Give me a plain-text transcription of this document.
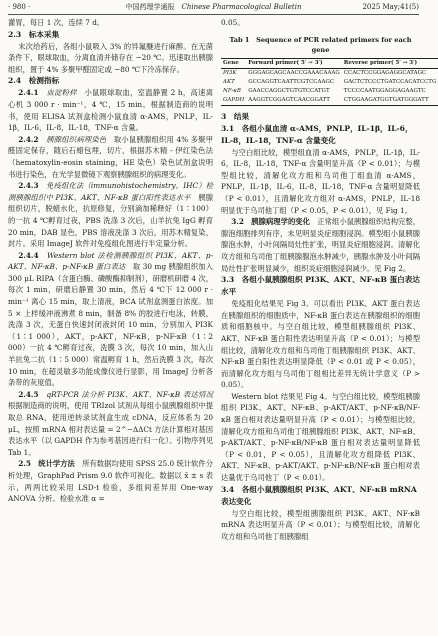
· 980 ·	中国药理学通报　 Chinese Pharmacological Bulletin	2025 May;41(5)

灌胃，每日 1 次，连续 7 d。

2.3　标本采集

末次给药后，各组小鼠吸入 3% 的异氟醚进行麻醉。在无菌条件下，眼球取血，分离血清并储存在 −20 ℃。迅速取出胰腺组织，置于 4% 多聚甲醛固定或 −80 ℃下冷冻保存。

2.4　检测指标

2.4.1　 血淀粉样　 小鼠眼球取血，室温静置 2 h，高速离心机 3 000 r · min⁻¹，4 ℃，15 min。根据制造商的说明书，使用 ELISA 试剂盒检测小鼠血清 α-AMS，PNLP，IL-1β，IL-6，IL-8，IL-18，TNF-α 含量。

2.4.2　 胰腺组织病理染色　 取小鼠胰腺组织用 4% 多聚甲醛固定保存，随后石蜡包埋，切片，根据苏木精 - 伊红染色法（hematoxylin-eosin staining，HE 染色）染色试剂盒说明书进行染色，在光学显微镜下观察胰腺组织的病理变化。

2.4.3　 免疫组化法（immunohistochemistry，IHC）检测胰腺组织中 PI3K、AKT、NF-κB 蛋白阳性表达水平　 胰腺组织切片，脱蜡水化，抗原修复，分别滴加稀释好（1∶100）的一抗 4 ℃孵育过夜，PBS 洗涤 3 次后，山羊抗兔 IgG 孵育 20 min，DAB 显色，PBS 溶液洗涤 3 次后，用苏木精复染，封片。采用 ImageJ 软件对免疫组化图进行半定量分析。

2.4.4　 Western blot 法检测胰腺组织 PI3K、AKT、p-AKT、NF-κB、p-NF-κB 蛋白表达　 取 30 mg 胰腺组织加入 300 μL RIPA（含蛋白酶、磷酸酶抑制剂），研磨机研磨 4 次，每次 1 min，研磨后静置 30 min，然后 4 ℃下 12 000 r · min⁻¹ 离心 15 min，取上清液，BCA 试剂盒测蛋白浓度。加 5 × 上样缓冲液沸煮 8 min，制备 8% 的胶进行电泳，转膜，洗涤 3 次，无蛋白快速封闭液封闭 10 min，分别加入 PI3K（1∶1 000），AKT，p-AKT，NF-κB，p-NF-κB（1∶2 000）一抗 4 ℃孵育过夜，洗膜 3 次，每次 10 min，加入山羊抗兔二抗（1∶5 000）常温孵育 1 h，然后洗膜 3 次，每次 10 min，在超灵敏多功能成像仪进行显影，用 ImageJ 分析各条带的灰度值。

2.4.5　 qRT-PCR 法分析 PI3K、AKT、NF-κB 表达情况　根据制造商的说明，使用 TRIzol 试剂从每组小鼠胰腺组织中提取总 RNA，使用逆转录试剂盒生成 cDNA，反应体系为 20 μL，按照 mRNA 相对表达量 = 2^−ΔΔCt 方法计算相对基因表达水平（以 GAPDH 作为参考基因进行归一化）。引物序列见 Tab 1。

2.5　统计学方法　 所有数据均使用 SPSS 25.0 统计软件分析处理，GraphPad Prism 9.0 软件可视化。数据以 x̄ ± s 表示，两两比较采用 LSD-t 检验，多组间差异用 One-way ANOVA 分析。检验水准 α =

0.05。

Tab 1　Sequence of PCR related primers for each gene
Gene	Forward primer( 5′ → 3′)	Reverse primer( 5′ → 3′)
PI3K	GGGAGCAGCAACCGAAACAAAG	CCACTCCGGAGAGGCATAGC
AKT	GCCAGGTCAATTCGTCCAAGC	GACTCTCCCTGATCCACATCCTG
NF-κB	GAACCAGGCTGTGTCCATGT	TCCCCAATGGAGGAGAAGTC
GAPDH	AAGGTCGGAGTCAACGGATT	CTGGAAGATGGTGATGGGATT
3　结果
3.1　各组小鼠血清 α-AMS，PNLP，IL-1β，IL-6，IL-8，IL-18，TNF-α 含量变化

与空白组比较，模型组血清 α-AMS，PNLP，IL-1β，IL-6，IL-8，IL-18，TNF-α 含量明显升高（P < 0.01）；与模型组比较，清解化攻方组和乌司他丁组血清 α-AMS，PNLP，IL-1β，IL-6，IL-8，IL-18，TNF-α 含量明显降低（P < 0.01），且清解化攻方组对 α-AMS，PNLP，IL-18 明显优于乌司他丁组（P < 0.05，P < 0.01），见 Fig 1。

3.2　胰腺病理学的变化　 正常组小鼠胰腺组织结构完整，腺泡细胞排列有序，未见明显炎症细胞浸润。模型组小鼠胰腺腺泡水肿，小叶间隔局灶性扩张，明显炎症细胞浸润。清解化攻方组和乌司他丁组胰腺腺泡水肿减少，胰腺水肿及小叶间隔局灶性扩张明显减少，组织炎症细胞浸润减少。见 Fig 2。

3.3　各组小鼠胰腺组织 PI3K、AKT、NF-κB 蛋白表达水平

免疫组化结果见 Fig 3。可以看出 PI3K、AKT 蛋白表达在胰腺组织的细胞质中，NF-κB 蛋白表达在胰腺组织的细胞质和细胞核中。与空白组比较，模型组胰腺组织 PI3K、AKT、NF-κB 蛋白阳性表达明显升高（P < 0.01）；与模型组比较，清解化攻方组和乌司他丁组胰腺组织 PI3K、AKT、NF-κB 蛋白阳性表达明显降低（P < 0.01 或 P < 0.05），而清解化攻方组与乌司他丁组相比差异无统计学意义（P > 0.05）。

Western blot 结果见 Fig 4。与空白组比较，模型组胰腺组织 PI3K、AKT、NF-κB、p-AKT/AKT、p-NF-κB/NF-κB 蛋白相对表达量明显升高（P < 0.01）；与模型组比较，清解化攻方组和乌司他丁组胰腺组织 PI3K、AKT、NF-κB、p-AKT/AKT、p-NF-κB/NF-κB 蛋白相对表达量明显降低（P < 0.01，P < 0.05），且清解化攻方组降低 PI3K、AKT、NF-κB、p-AKT/AKT、p-NF-κB/NF-κB 蛋白相对表达量优于乌司他丁（P < 0.01）。

3.4　各组小鼠胰腺组织 PI3K、AKT、NF-κB mRNA 表达变化

与空白组比较，模型组胰腺组织 PI3K、AKT、NF-κB mRNA 表达明显升高（P < 0.01）；与模型组比较，清解化攻方组和乌司他丁组胰腺组
